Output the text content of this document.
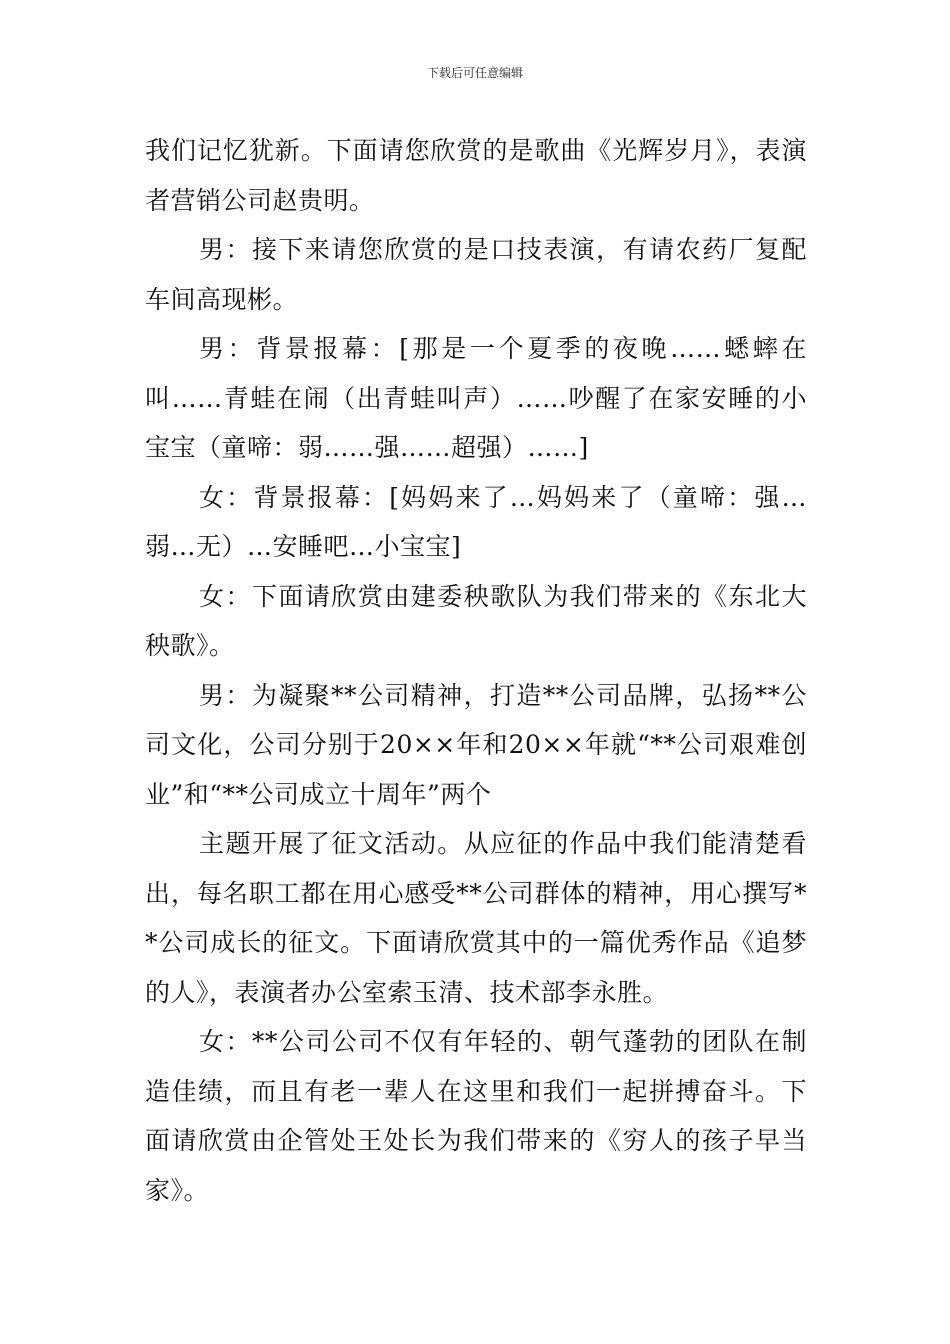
下载后可任意编辑

我们记忆犹新。下面请您欣赏的是歌曲《光辉岁月》，表演者营销公司赵贵明。

男：接下来请您欣赏的是口技表演，有请农药厂复配车间高现彬。

男：背景报幕：[那是一个夏季的夜晚……蟋蟀在叫……青蛙在闹（出青蛙叫声）……吵醒了在家安睡的小宝宝（童啼：弱……强……超强）……]

女：背景报幕：[妈妈来了…妈妈来了（童啼：强…弱…无）…安睡吧…小宝宝]

女：下面请欣赏由建委秧歌队为我们带来的《东北大秧歌》。

男：为凝聚**公司精神，打造**公司品牌，弘扬**公司文化，公司分别于20××年和20××年就“**公司艰难创业”和“**公司成立十周年”两个

主题开展了征文活动。从应征的作品中我们能清楚看出，每名职工都在用心感受**公司群体的精神，用心撰写**公司成长的征文。下面请欣赏其中的一篇优秀作品《追梦的人》，表演者办公室索玉清、技术部李永胜。

女：**公司公司不仅有年轻的、朝气蓬勃的团队在制造佳绩，而且有老一辈人在这里和我们一起拼搏奋斗。下面请欣赏由企管处王处长为我们带来的《穷人的孩子早当家》。
